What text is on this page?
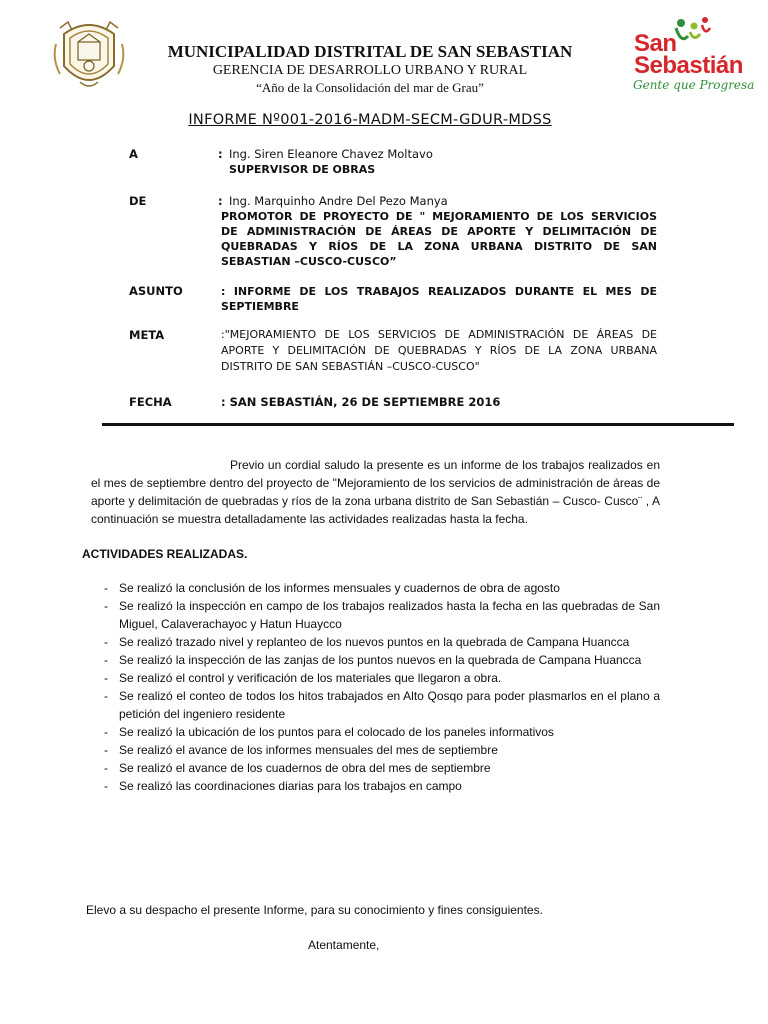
MUNICIPALIDAD DISTRITAL DE SAN SEBASTIAN
GERENCIA DE DESARROLLO URBANO Y RURAL
“Año de la Consolidación del mar de Grau”
San
Sebastián
Gente que Progresa
INFORME Nº001-2016-MADM-SECM-GDUR-MDSS
A	: Ing. Siren Eleanore Chavez Moltavo
SUPERVISOR DE OBRAS
DE	: Ing. Marquinho Andre Del Pezo Manya
PROMOTOR DE PROYECTO DE " MEJORAMIENTO DE LOS SERVICIOS
DE ADMINISTRACIÓN DE ÁREAS DE APORTE Y DELIMITACIÓN DE
QUEBRADAS Y RÍOS DE LA ZONA URBANA DISTRITO DE SAN
SEBASTIAN –CUSCO-CUSCO”
ASUNTO	: INFORME DE LOS TRABAJOS REALIZADOS DURANTE EL MES DE
SEPTIEMBRE
META	:"MEJORAMIENTO DE LOS SERVICIOS DE ADMINISTRACIÓN DE ÁREAS DE
APORTE Y DELIMITACIÓN DE QUEBRADAS Y RÍOS DE LA ZONA URBANA
DISTRITO DE SAN SEBASTIÁN –CUSCO-CUSCO"
FECHA	: SAN SEBASTIÁN, 26 DE SEPTIEMBRE 2016
Previo un cordial saludo la presente es un informe de los trabajos realizados en el mes de septiembre dentro del proyecto de "Mejoramiento de los servicios de administración de áreas de aporte y delimitación de quebradas y ríos de la zona urbana distrito de San Sebastián – Cusco- Cusco¨ , A continuación se muestra detalladamente las actividades realizadas hasta la fecha.
ACTIVIDADES REALIZADAS.
- Se realizó la conclusión de los informes mensuales y cuadernos de obra de agosto
- Se realizó la inspección en campo de los trabajos realizados hasta la fecha en las quebradas de San Miguel, Calaverachayoc y Hatun Huaycco
- Se realizó trazado nivel y replanteo de los nuevos puntos en la quebrada de Campana Huancca
- Se realizó la inspección de las zanjas de los puntos nuevos en la quebrada de Campana Huancca
- Se realizó el control y verificación de los materiales que llegaron a obra.
- Se realizó el conteo de todos los hitos trabajados en Alto Qosqo para poder plasmarlos en el plano a petición del ingeniero residente
- Se realizó la ubicación de los puntos para el colocado de los paneles informativos
- Se realizó el avance de los informes mensuales del mes de septiembre
- Se realizó el avance de los cuadernos de obra del mes de septiembre
- Se realizó las coordinaciones diarias para los trabajos en campo
Elevo a su despacho el presente Informe, para su conocimiento y fines consiguientes.
Atentamente,
